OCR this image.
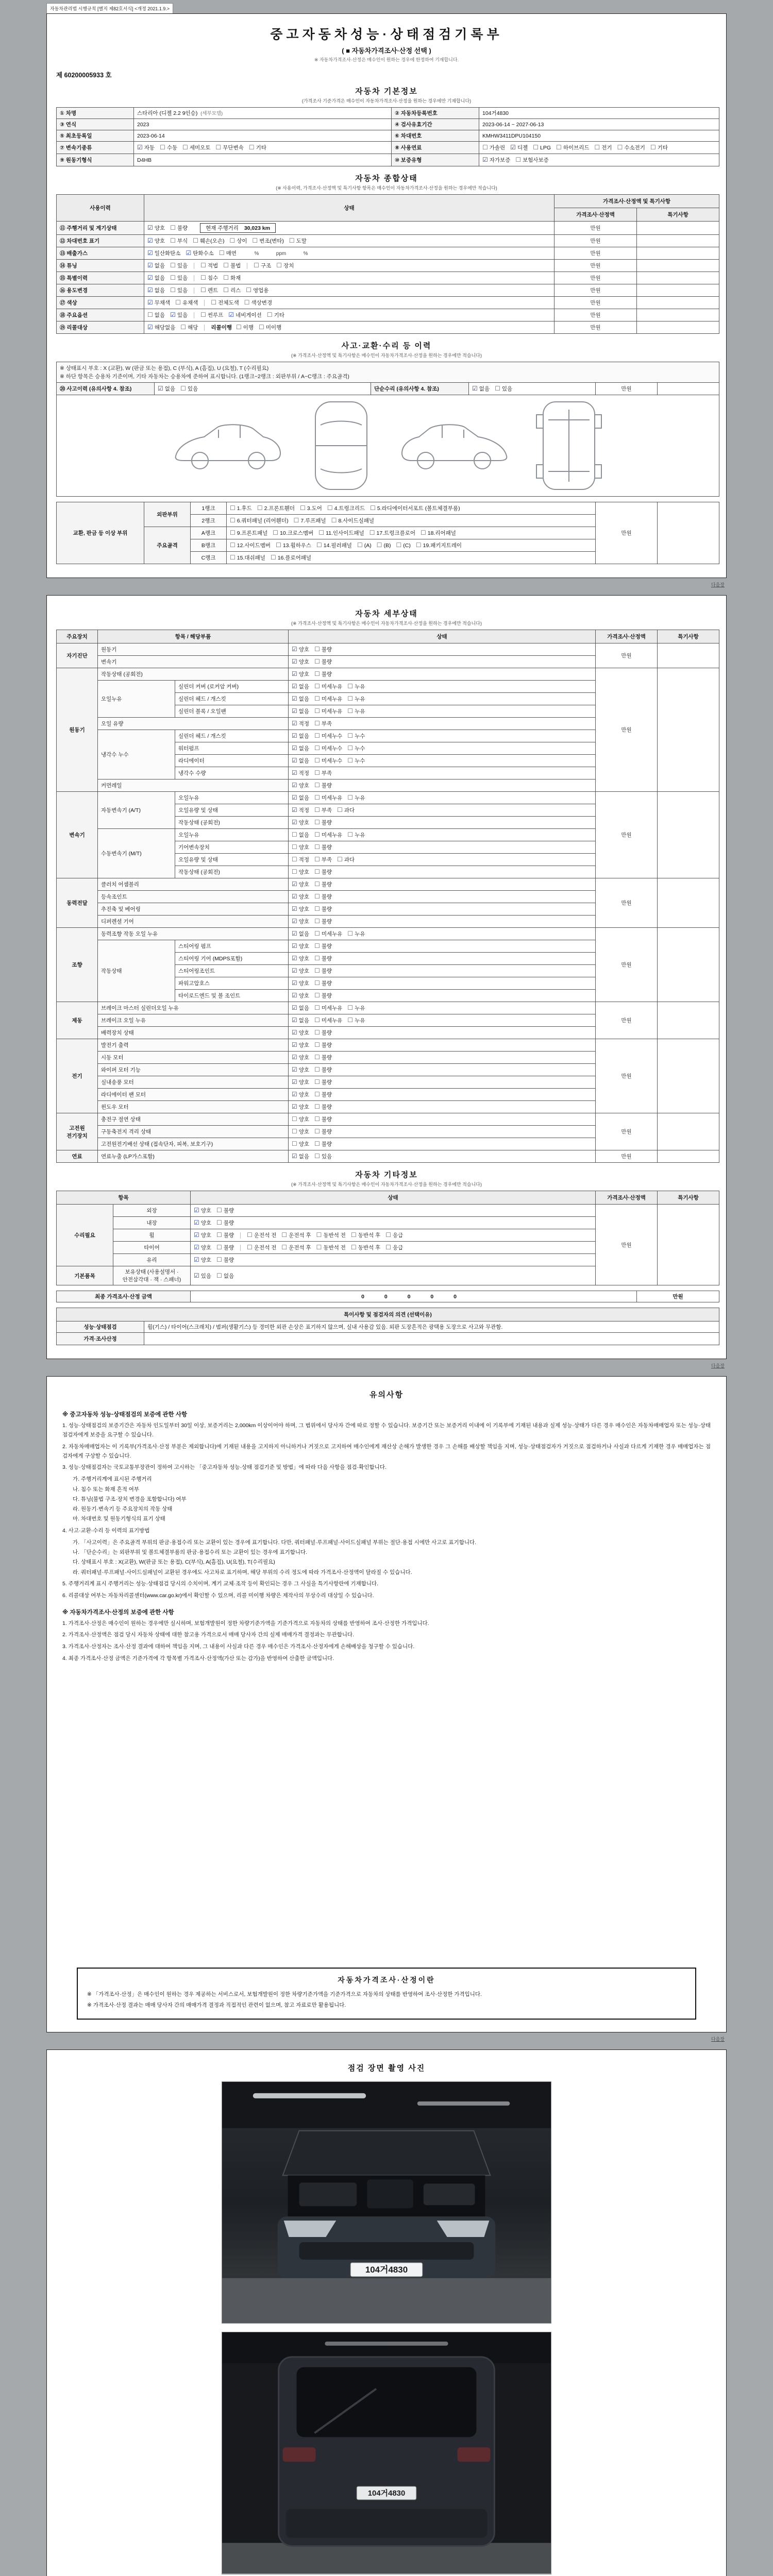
자동차관리법 시행규칙 [별지 제82호서식] <개정 2021.1.9.>
중고자동차성능·상태점검기록부
( ■ 자동차가격조사·산정 선택 )
※ 자동차가격조사·산정은 매수인이 원하는 경우에 한정하여 기재합니다.
제 60200005933 호
자동차 기본정보
(가격조사 기준가격은 매수인이 자동차가격조사·산정을 원하는 경우에만 기재합니다)
① 차명	스타리아 (디젤 2.2 9인승) (세부모델)	② 자동차등록번호	104거4830
③ 연식	2023	④ 검사유효기간	2023-06-14 ~ 2027-06-13
⑤ 최초등록일	2023-06-14	⑥ 차대번호	KMHW3411DPU104150
⑦ 변속기종류	☑ 자동 ☐ 수동 ☐ 세미오토 ☐ 무단변속 ☐ 기타	⑧ 사용연료	☐ 가솔린 ☑ 디젤 ☐ LPG ☐ 하이브리드 ☐ 전기 ☐ 수소전기 ☐ 기타
⑨ 원동기형식	D4HB	⑩ 보증유형	☑ 자가보증 ☐ 보험사보증
자동차 종합상태
(※ 사용이력, 가격조사·산정액 및 특기사항 항목은 매수인이 자동차가격조사·산정을 원하는 경우에만 적습니다)
사용이력	상태	가격조사·산정액 및 특기사항	
		가격조사·산정액	특기사항
⑪ 주행거리 및 계기상태	☑ 양호 ☐ 불량 현재 주행거리 30,023 km	만원	
⑫ 차대번호 표기	☑ 양호 ☐ 부식 ☐ 훼손(오손) ☐ 상이 ☐ 변조(변타) ☐ 도말	만원	
⑬ 배출가스	☑ 일산화탄소 ☑ 탄화수소 ☐ 매연      %            ppm            %	만원	
⑭ 튜닝	☑ 없음 ☐ 있음 ☐ 적법 ☐ 불법 ☐ 구조 ☐ 장치	만원	
⑮ 특별이력	☑ 없음 ☐ 있음 ☐ 침수 ☐ 화재	만원	
⑯ 용도변경	☑ 없음 ☐ 있음 ☐ 렌트 ☐ 리스 ☐ 영업용	만원	
⑰ 색상	☑ 무채색 ☐ 유채색 ☐ 전체도색 ☐ 색상변경	만원	
⑱ 주요옵션	☐ 없음 ☑ 있음 ☐ 썬루프 ☑ 네비게이션 ☐ 기타	만원	
⑲ 리콜대상	☑ 해당없음 ☐ 해당 리콜이행 ☐ 이행 ☐ 미이행	만원	
사고·교환·수리 등 이력
(※ 가격조사·산정액 및 특기사항은 매수인이 자동차가격조사·산정을 원하는 경우에만 적습니다)
※ 상태표시 부호 : X (교환), W (판금 또는 용접), C (부식), A (흠집), U (요철), T (수리필요)
※ 하단 항목은 승용차 기준이며, 기타 자동차는 승용차에 준하여 표시합니다. (1랭크~2랭크 : 외판부위 / A~C랭크 : 주요골격)

⑳ 사고이력 (유의사항 4. 참조)	☑ 없음 ☐ 있음	단순수리 (유의사항 4. 참조)	☑ 없음 ☐ 있음	만원	

교환, 판금 등 이상 부위	외판부위	1랭크	☐ 1.후드 ☐ 2.프론트휀더 ☐ 3.도어 ☐ 4.트렁크리드 ☐ 5.라디에이터서포트 (볼트체결부품)	만원	
		2랭크	☐ 6.쿼터패널 (리어휀더) ☐ 7.루프패널 ☐ 8.사이드실패널		
	주요골격	A랭크	☐ 9.프론트패널 ☐ 10.크로스멤버 ☐ 11.인사이드패널 ☐ 17.트렁크플로어 ☐ 18.리어패널		
		B랭크	☐ 12.사이드멤버 ☐ 13.휠하우스 ☐ 14.필러패널 ☐ (A) ☐ (B) ☐ (C) ☐ 19.패키지트레이		
		C랭크	☐ 15.대쉬패널 ☐ 16.플로어패널		
다음장
자동차 세부상태
(※ 가격조사·산정액 및 특기사항은 매수인이 자동차가격조사·산정을 원하는 경우에만 적습니다)
주요장치	항목 / 해당부품		상태	가격조사·산정액	특기사항
자기진단	원동기		☑ 양호 ☐ 불량	만원	
	변속기		☑ 양호 ☐ 불량		
원동기	작동상태 (공회전)		☑ 양호 ☐ 불량	만원	
	오일누유	실린더 커버 (로커암 커버)	☑ 없음 ☐ 미세누유 ☐ 누유		
		실린더 헤드 / 개스킷	☑ 없음 ☐ 미세누유 ☐ 누유		
		실린더 블록 / 오일팬	☑ 없음 ☐ 미세누유 ☐ 누유		
	오일 유량		☑ 적정 ☐ 부족		
	냉각수 누수	실린더 헤드 / 개스킷	☑ 없음 ☐ 미세누수 ☐ 누수		
		워터펌프	☑ 없음 ☐ 미세누수 ☐ 누수		
		라디에이터	☑ 없음 ☐ 미세누수 ☐ 누수		
		냉각수 수량	☑ 적정 ☐ 부족		
	커먼레일		☑ 양호 ☐ 불량		
변속기	자동변속기 (A/T)	오일누유	☑ 없음 ☐ 미세누유 ☐ 누유	만원	
		오일유량 및 상태	☑ 적정 ☐ 부족 ☐ 과다		
		작동상태 (공회전)	☑ 양호 ☐ 불량		
	수동변속기 (M/T)	오일누유	☐ 없음 ☐ 미세누유 ☐ 누유		
		기어변속장치	☐ 양호 ☐ 불량		
		오일유량 및 상태	☐ 적정 ☐ 부족 ☐ 과다		
		작동상태 (공회전)	☐ 양호 ☐ 불량		
동력전달	클러치 어셈블리		☑ 양호 ☐ 불량	만원	
	등속조인트		☑ 양호 ☐ 불량		
	추진축 및 베어링		☑ 양호 ☐ 불량		
	디퍼렌셜 기어		☑ 양호 ☐ 불량		
조향	동력조향 작동 오일 누유		☑ 없음 ☐ 미세누유 ☐ 누유	만원	
	작동상태	스티어링 펌프	☑ 양호 ☐ 불량		
		스티어링 기어 (MDPS포함)	☑ 양호 ☐ 불량		
		스티어링조인트	☑ 양호 ☐ 불량		
		파워고압호스	☑ 양호 ☐ 불량		
		타이로드엔드 및 볼 조인트	☑ 양호 ☐ 불량		
제동	브레이크 마스터 실린더오일 누유		☑ 없음 ☐ 미세누유 ☐ 누유	만원	
	브레이크 오일 누유		☑ 없음 ☐ 미세누유 ☐ 누유		
	배력장치 상태		☑ 양호 ☐ 불량		
전기	발전기 출력		☑ 양호 ☐ 불량	만원	
	시동 모터		☑ 양호 ☐ 불량		
	와이퍼 모터 기능		☑ 양호 ☐ 불량		
	실내송풍 모터		☑ 양호 ☐ 불량		
	라디에이터 팬 모터		☑ 양호 ☐ 불량		
	윈도우 모터		☑ 양호 ☐ 불량		
고전원 전기장치	충전구 절연 상태		☐ 양호 ☐ 불량	만원	
	구동축전지 격리 상태		☐ 양호 ☐ 불량		
	고전원전기배선 상태 (접속단자, 피복, 보호기구)		☐ 양호 ☐ 불량		
연료	연료누출 (LP가스포함)		☑ 없음 ☐ 있음	만원	
자동차 기타정보
(※ 가격조사·산정액 및 특기사항은 매수인이 자동차가격조사·산정을 원하는 경우에만 적습니다)
항목		상태	가격조사·산정액	특기사항
수리필요	외장	☑ 양호 ☐ 불량	만원	
	내장	☑ 양호 ☐ 불량		
	휠	☑ 양호 ☐ 불량 ☐ 운전석 전 ☐ 운전석 후 ☐ 동반석 전 ☐ 동반석 후 ☐ 응급		
	타이어	☑ 양호 ☐ 불량 ☐ 운전석 전 ☐ 운전석 후 ☐ 동반석 전 ☐ 동반석 후 ☐ 응급		
	유리	☑ 양호 ☐ 불량		
기본품목	보유상태 (사용설명서 · 안전삼각대 · 잭 · 스패너)	☑ 있음 ☐ 없음		
최종 가격조사·산정 금액	0 0 0 0 0	만원
특이사항 및 점검자의 의견 (선택이유)	
성능·상태점검	휠(기스) / 타이어(스크래치) / 범퍼(생활기스) 등 경미한 외관 손상은 표기하지 않으며, 실내 사용감 있음. 외판 도장흔적은 광택용 도장으로 사고와 무관함.
가격·조사산정	
다음장
유의사항
※ 중고자동차 성능·상태점검의 보증에 관한 사항
1. 성능·상태점검의 보증기간은 자동차 인도일부터 30일 이상, 보증거리는 2,000km 이상이어야 하며, 그 범위에서 당사자 간에 따로 정할 수 있습니다. 보증기간 또는 보증거리 이내에 이 기록부에 기재된 내용과 실제 성능·상태가 다른 경우 매수인은 자동차매매업자 또는 성능·상태점검자에게 보증을 요구할 수 있습니다.
2. 자동차매매업자는 이 기록부(가격조사·산정 부분은 제외합니다)에 기재된 내용을 고지하지 아니하거나 거짓으로 고지하여 매수인에게 재산상 손해가 발생한 경우 그 손해를 배상할 책임을 지며, 성능·상태점검자가 거짓으로 점검하거나 사실과 다르게 기재한 경우 매매업자는 점검자에게 구상할 수 있습니다.
3. 성능·상태점검자는 국토교통부장관이 정하여 고시하는 「중고자동차 성능·상태 점검기준 및 방법」에 따라 다음 사항을 점검·확인합니다.
가. 주행거리계에 표시된 주행거리
나. 침수 또는 화재 흔적 여부
다. 튜닝(불법 구조·장치 변경을 포함합니다) 여부
라. 원동기·변속기 등 주요장치의 작동 상태
마. 차대번호 및 원동기형식의 표기 상태
4. 사고·교환·수리 등 이력의 표기방법
가. 「사고이력」은 주요골격 부위의 판금·용접수리 또는 교환이 있는 경우에 표기합니다. 다만, 쿼터패널·루프패널·사이드실패널 부위는 절단·용접 시에만 사고로 표기합니다.
나. 「단순수리」는 외판부위 및 볼트체결부품의 판금·용접수리 또는 교환이 있는 경우에 표기합니다.
다. 상태표시 부호 : X(교환), W(판금 또는 용접), C(부식), A(흠집), U(요철), T(수리필요)
라. 쿼터패널·루프패널·사이드실패널이 교환된 경우에도 사고차로 표기하며, 해당 부위의 수리 정도에 따라 가격조사·산정액이 달라질 수 있습니다.
5. 주행거리계 표시 주행거리는 성능·상태점검 당시의 수치이며, 계기 교체·조작 등이 확인되는 경우 그 사실을 특기사항란에 기재합니다.
6. 리콜대상 여부는 자동차리콜센터(www.car.go.kr)에서 확인할 수 있으며, 리콜 미이행 차량은 제작사의 무상수리 대상일 수 있습니다.
※ 자동차가격조사·산정의 보증에 관한 사항
1. 가격조사·산정은 매수인이 원하는 경우에만 실시하며, 보험개발원이 정한 차량기준가액을 기준가격으로 자동차의 상태를 반영하여 조사·산정한 가격입니다.
2. 가격조사·산정액은 점검 당시 자동차 상태에 대한 참고용 가격으로서 매매 당사자 간의 실제 매매가격 결정과는 무관합니다.
3. 가격조사·산정자는 조사·산정 결과에 대하여 책임을 지며, 그 내용이 사실과 다른 경우 매수인은 가격조사·산정자에게 손해배상을 청구할 수 있습니다.
4. 최종 가격조사·산정 금액은 기준가격에 각 항목별 가격조사·산정액(가산 또는 감가)을 반영하여 산출한 금액입니다.
자동차가격조사·산정이란
※ 「가격조사·산정」은 매수인이 원하는 경우 제공하는 서비스로서, 보험개발원이 정한 차량기준가액을 기준가격으로 자동차의 상태를 반영하여 조사·산정한 가격입니다.
※ 가격조사·산정 결과는 매매 당사자 간의 매매가격 결정과 직접적인 관련이 없으며, 참고 자료로만 활용됩니다.
다음장
점검 장면 촬영 사진
104거4830
104거4830
